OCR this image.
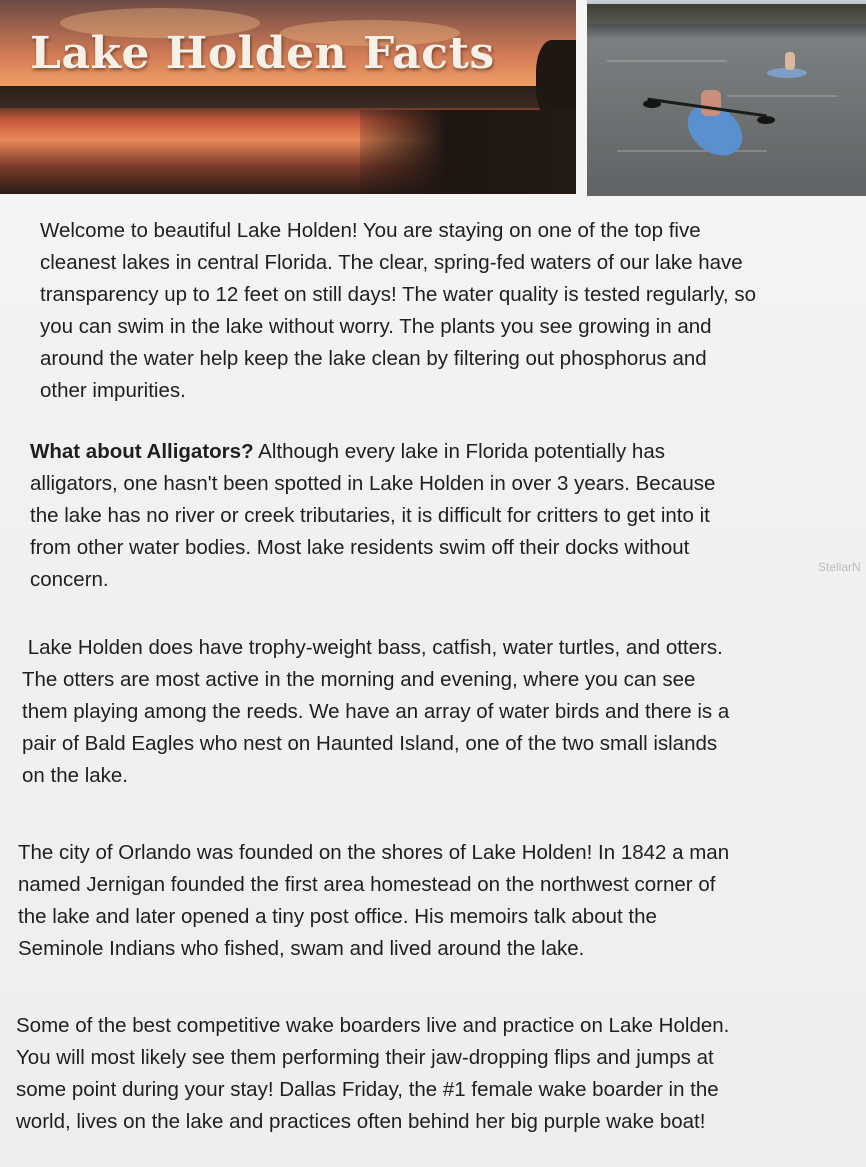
Lake Holden Facts

Welcome to beautiful Lake Holden! You are staying on one of the top five
cleanest lakes in central Florida. The clear, spring-fed waters of our lake have
transparency up to 12 feet on still days! The water quality is tested regularly, so
you can swim in the lake without worry. The plants you see growing in and
around the water help keep the lake clean by filtering out phosphorus and
other impurities.

What about Alligators? Although every lake in Florida potentially has
alligators, one hasn't been spotted in Lake Holden in over 3 years. Because
the lake has no river or creek tributaries, it is difficult for critters to get into it
from other water bodies. Most lake residents swim off their docks without
concern.

StellarN

Lake Holden does have trophy-weight bass, catfish, water turtles, and otters.
The otters are most active in the morning and evening, where you can see
them playing among the reeds. We have an array of water birds and there is a
pair of Bald Eagles who nest on Haunted Island, one of the two small islands
on the lake.

The city of Orlando was founded on the shores of Lake Holden! In 1842 a man
named Jernigan founded the first area homestead on the northwest corner of
the lake and later opened a tiny post office. His memoirs talk about the
Seminole Indians who fished, swam and lived around the lake.

Some of the best competitive wake boarders live and practice on Lake Holden.
You will most likely see them performing their jaw-dropping flips and jumps at
some point during your stay! Dallas Friday, the #1 female wake boarder in the
world, lives on the lake and practices often behind her big purple wake boat!
